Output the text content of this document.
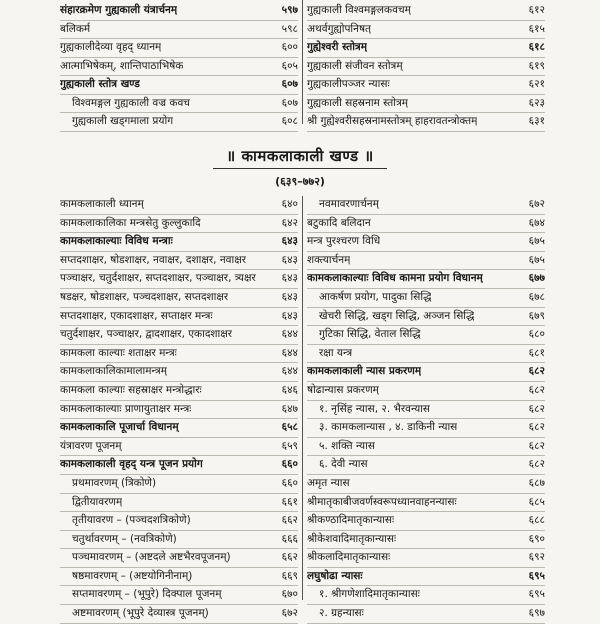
संहारक्रमेण गुह्यकाली यंत्रार्चनम्	५९७
बलिकर्म	५९८
गुह्यकालीदेव्या वृहद् ध्यानम्	६००
आत्माभिषेकम्, शान्तिपाठाभिषेक	६०५
गुह्यकाली स्तोत्र खण्ड	६०७
विश्वमङ्गल गुह्यकाली वज्र कवच	६०७
गुह्यकाली खड्गमाला प्रयोग	६०८
गुह्यकाली विश्वमङ्गलकवचम्	६१२
अथर्वगुह्योपनिषत्	६१५
गुह्येश्वरी स्तोत्रम्	६१८
गुह्यकाली संजीवन स्तोत्रम्	६१९
गुह्यकालीपञ्जर न्यासः	६२१
गुह्यकाली सहस्रनाम स्तोत्रम्	६२३
श्री गुह्येश्वरीसहस्रनामस्तोत्रम् हाहरावतन्त्रोक्तम्	६३१
॥ कामकलाकाली खण्ड ॥
(६३९–७७२)
कामकलाकाली ध्यानम्	६४०
कामकलाकालिका मन्त्रसेतु कुल्लुकादि	६४२
कामकलाकाल्याः विविध मन्त्राः	६४३
सप्तदशाक्षर, षोडशाक्षर, नवाक्षर, दशाक्षर, नवाक्षर	६४३
पञ्चाक्षर, चतुर्दशाक्षर, सप्तदशाक्षर, पञ्चाक्षर, त्र्यक्षर	६४३
षडक्षर, षोडशाक्षर, पञ्चदशाक्षर, सप्तदशाक्षर	६४३
सप्तदशाक्षर, एकादशाक्षर, सप्ताक्षर मन्त्रः	६४३
चतुर्दशाक्षर, पञ्चाक्षर, द्वादशाक्षर, एकादशाक्षर	६४४
कामकला काल्याः शताक्षर मन्त्रः	६४४
कामकलाकालिकामालामन्त्रम्	६४४
कामकला काल्याः सहस्राक्षर मन्त्रोद्धारः	६४६
कामकलाकाल्याः प्राणायुताक्षर मन्त्रः	६४७
कामकलाकालि पूजार्चा विधानम्	६५८
यंत्रावरण पूजनम्	६५९
कामकलाकाली वृहद् यन्त्र पूजन प्रयोग	६६०
प्रथमावरणम् (त्रिकोणे)	६६०
द्वितीयावरणम्	६६१
तृतीयावरण – (पञ्चदशत्रिकोणे)	६६२
चतुर्थावरणम् – (नवत्रिकोणे)	६६६
पञ्चमावरणम् – (अष्टदले अष्टभैरवपूजनम्)	६६२
षष्ठमावरणम् – (अष्टयोगिनीनाम्)	६६९
सप्तमावरणम् – (भूपुरे) दिक्पाल पूजनम्	६७०
अष्टमावरणम् (भूपुरे देव्यास्त्र पूजनम्)	६७२
नवमावरणार्चनम्	६७२
बटुकादि बलिदान	६७४
मन्त्र पुरश्चरण विधि	६७५
शक्त्यार्चनम्	६७५
कामकलाकाल्याः विविध कामना प्रयोग विधानम्	६७७
आकर्षण प्रयोग, पादुका सिद्धि	६७८
खेचरी सिद्धि, खड्ग सिद्धि, अञ्जन सिद्धि	६७९
गुटिका सिद्धि, वेताल सिद्धि	६८०
रक्षा यन्त्र	६८१
कामकलाकाली न्यास प्रकरणम्	६८२
षोढान्यास प्रकरणम्	६८२
१. नृसिंह न्यास, २. भैरवन्यास	६८२
३. कामकलान्यास , ४. डाकिनी न्यास	६८२
५. शक्ति न्यास	६८२
६. देवी न्यास	६८२
अमृत न्यास	६८७
श्रीमातृकाबीजवर्णस्वरूपध्यानवाहनन्यासः	६८५
श्रीकण्ठादिमातृकान्यासः	६८८
श्रीकेशवादिमातृकान्यासः	६९०
श्रीकलादिमातृकान्यासः	६९२
लघुषोढा न्यासः	६९५
१. श्रीगणेशादिमातृकान्यासः	६९५
२. ग्रहन्यासः	६९७
